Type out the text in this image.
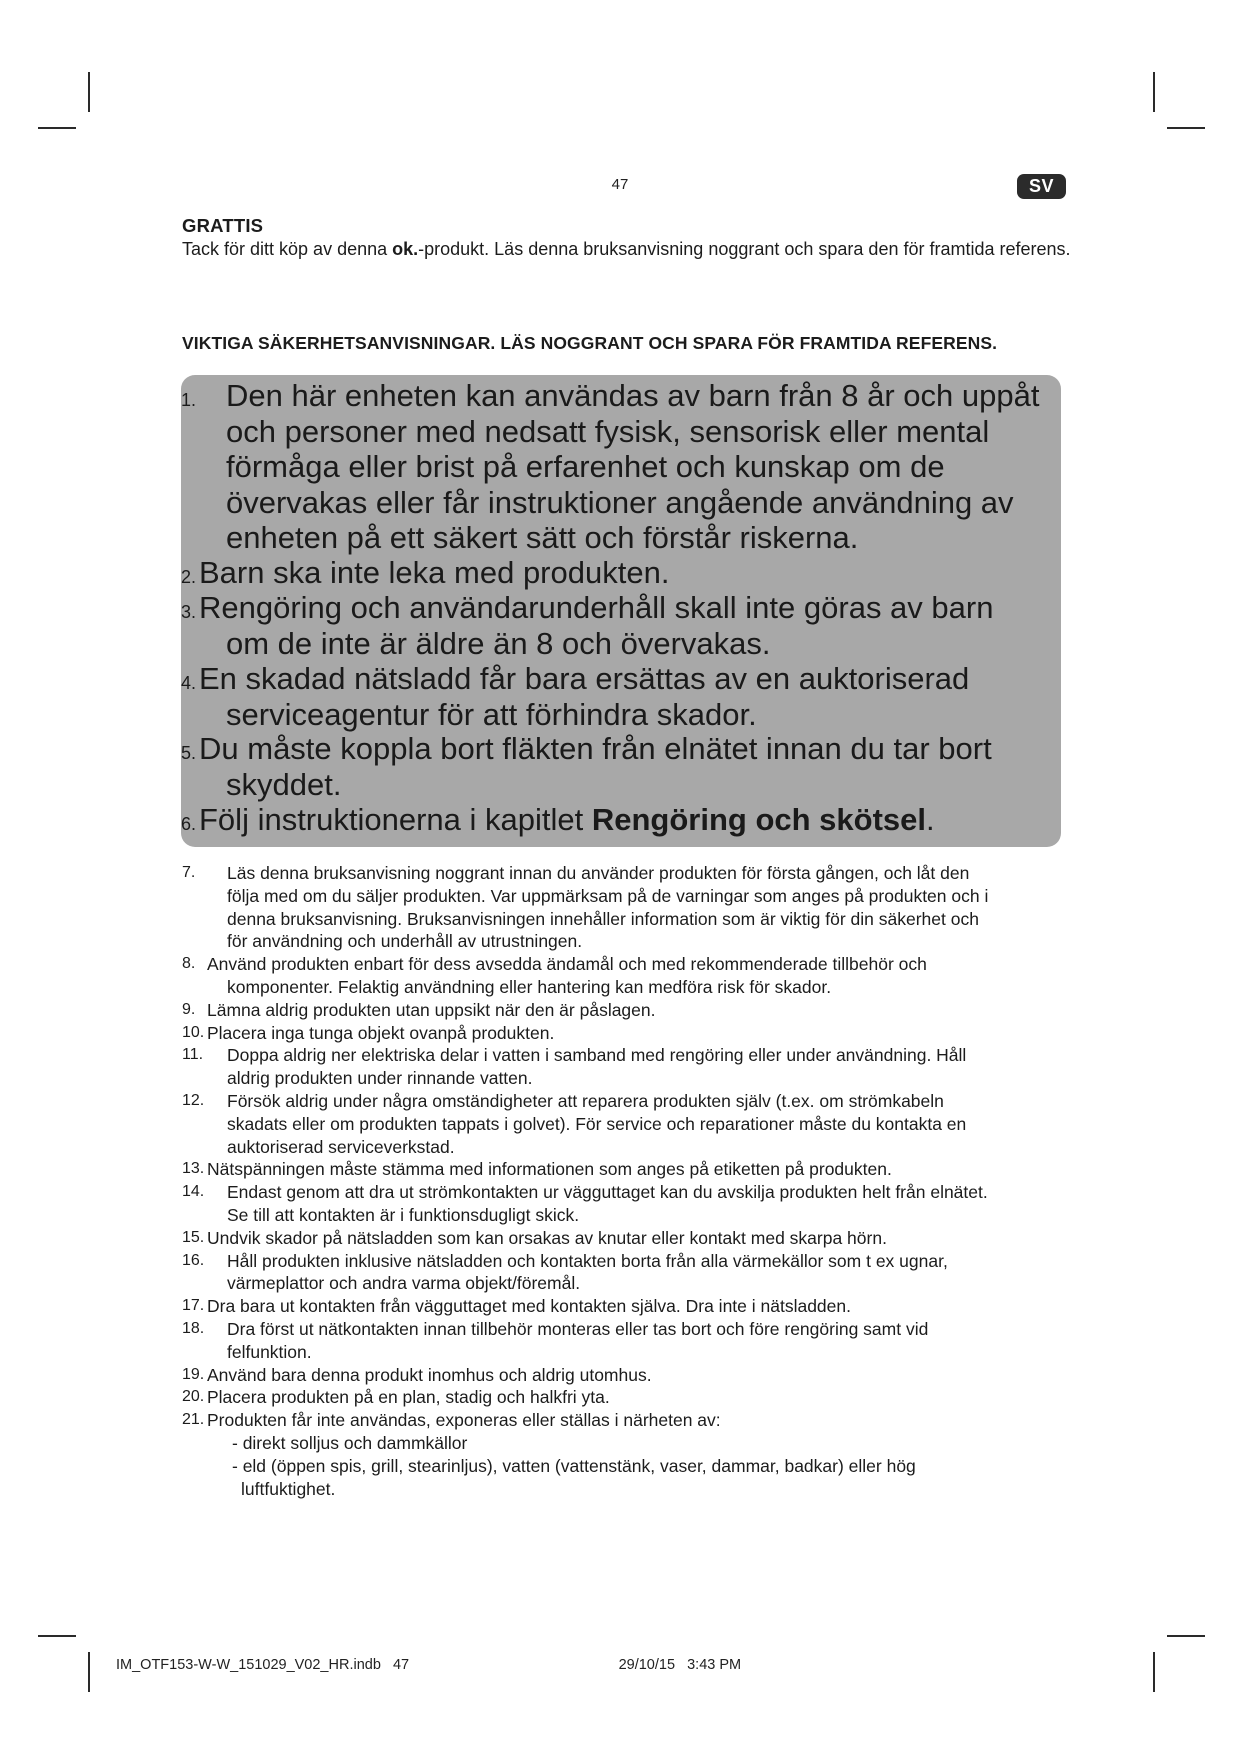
47	SV
GRATTIS
Tack för ditt köp av denna ok.-produkt. Läs denna bruksanvisning noggrant och spara den för framtida referens.
VIKTIGA SÄKERHETSANVISNINGAR. LÄS NOGGRANT OCH SPARA FÖR FRAMTIDA REFERENS.
1. Den här enheten kan användas av barn från 8 år och uppåt
och personer med nedsatt fysisk, sensorisk eller mental
förmåga eller brist på erfarenhet och kunskap om de
övervakas eller får instruktioner angående användning av
enheten på ett säkert sätt och förstår riskerna.
2. Barn ska inte leka med produkten.
3. Rengöring och användarunderhåll skall inte göras av barn
om de inte är äldre än 8 och övervakas.
4. En skadad nätsladd får bara ersättas av en auktoriserad
serviceagentur för att förhindra skador.
5. Du måste koppla bort fläkten från elnätet innan du tar bort
skyddet.
6. Följ instruktionerna i kapitlet Rengöring och skötsel.
7.	Läs denna bruksanvisning noggrant innan du använder produkten för första gången, och låt den
följa med om du säljer produkten. Var uppmärksam på de varningar som anges på produkten och i
denna bruksanvisning. Bruksanvisningen innehåller information som är viktig för din säkerhet och
för användning och underhåll av utrustningen.
8. Använd produkten enbart för dess avsedda ändamål och med rekommenderade tillbehör och
komponenter. Felaktig användning eller hantering kan medföra risk för skador.
9. Lämna aldrig produkten utan uppsikt när den är påslagen.
10. Placera inga tunga objekt ovanpå produkten.
11.	Doppa aldrig ner elektriska delar i vatten i samband med rengöring eller under användning. Håll
aldrig produkten under rinnande vatten.
12.	Försök aldrig under några omständigheter att reparera produkten själv (t.ex. om strömkabeln
skadats eller om produkten tappats i golvet). För service och reparationer måste du kontakta en
auktoriserad serviceverkstad.
13. Nätspänningen måste stämma med informationen som anges på etiketten på produkten.
14.	Endast genom att dra ut strömkontakten ur vägguttaget kan du avskilja produkten helt från elnätet.
Se till att kontakten är i funktionsdugligt skick.
15. Undvik skador på nätsladden som kan orsakas av knutar eller kontakt med skarpa hörn.
16.	Håll produkten inklusive nätsladden och kontakten borta från alla värmekällor som t ex ugnar,
värmeplattor och andra varma objekt/föremål.
17. Dra bara ut kontakten från vägguttaget med kontakten själva. Dra inte i nätsladden.
18.	Dra först ut nätkontakten innan tillbehör monteras eller tas bort och före rengöring samt vid
felfunktion.
19. Använd bara denna produkt inomhus och aldrig utomhus.
20. Placera produkten på en plan, stadig och halkfri yta.
21. Produkten får inte användas, exponeras eller ställas i närheten av:
- direkt solljus och dammkällor
- eld (öppen spis, grill, stearinljus), vatten (vattenstänk, vaser, dammar, badkar) eller hög
luftfuktighet.
IM_OTF153-W-W_151029_V02_HR.indb   47                                                    29/10/15   3:43 PM
